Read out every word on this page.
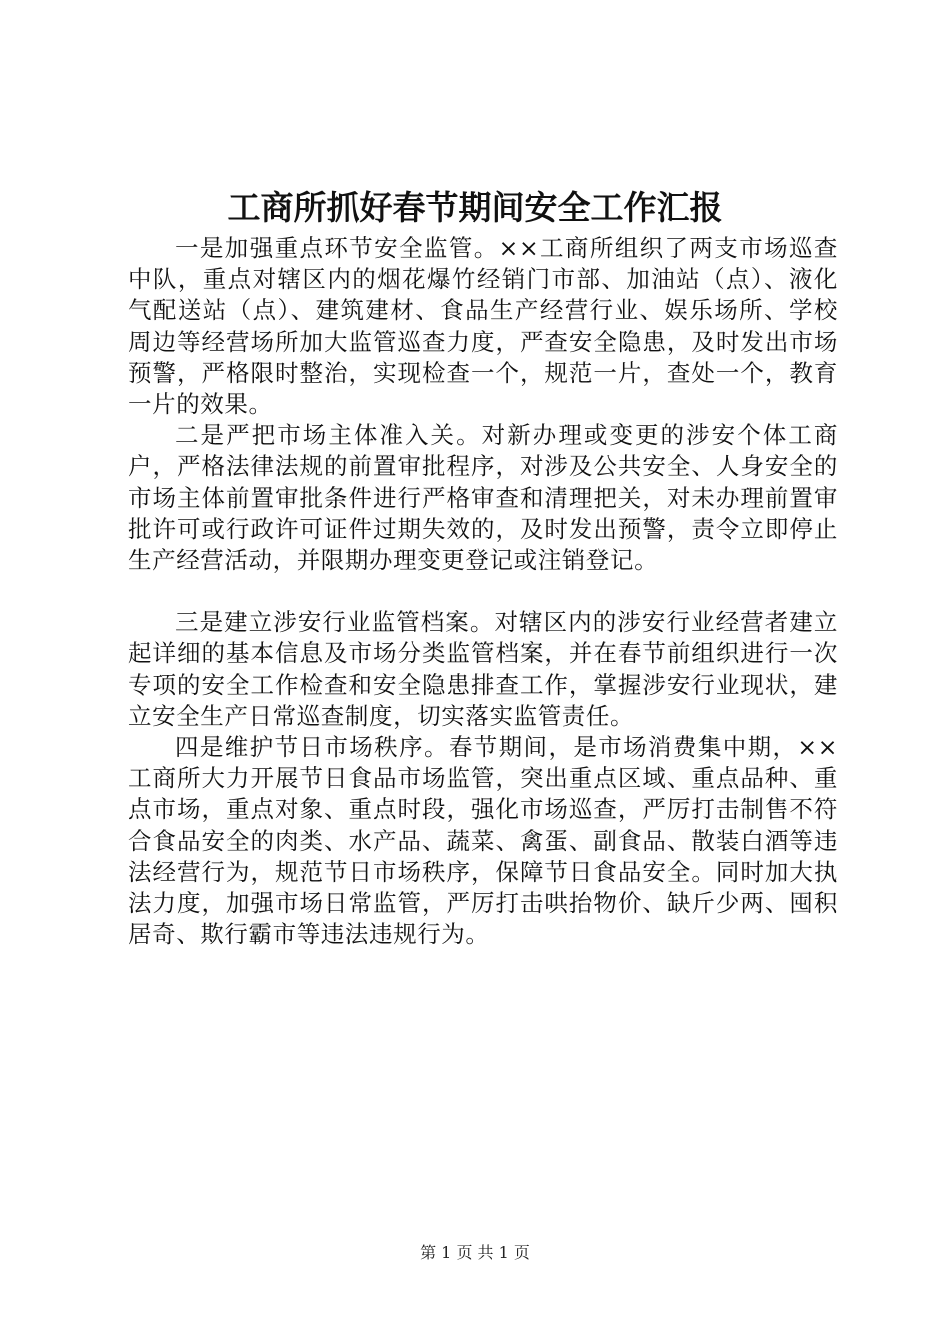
工商所抓好春节期间安全工作汇报

一是加强重点环节安全监管。××工商所组织了两支市场巡查中队，重点对辖区内的烟花爆竹经销门市部、加油站（点）、液化气配送站（点）、建筑建材、食品生产经营行业、娱乐场所、学校周边等经营场所加大监管巡查力度，严查安全隐患，及时发出市场预警，严格限时整治，实现检查一个，规范一片，查处一个，教育一片的效果。

二是严把市场主体准入关。对新办理或变更的涉安个体工商户，严格法律法规的前置审批程序，对涉及公共安全、人身安全的市场主体前置审批条件进行严格审查和清理把关，对未办理前置审批许可或行政许可证件过期失效的，及时发出预警，责令立即停止生产经营活动，并限期办理变更登记或注销登记。

三是建立涉安行业监管档案。对辖区内的涉安行业经营者建立起详细的基本信息及市场分类监管档案，并在春节前组织进行一次专项的安全工作检查和安全隐患排查工作，掌握涉安行业现状，建立安全生产日常巡查制度，切实落实监管责任。

四是维护节日市场秩序。春节期间，是市场消费集中期，××工商所大力开展节日食品市场监管，突出重点区域、重点品种、重点市场，重点对象、重点时段，强化市场巡查，严厉打击制售不符合食品安全的肉类、水产品、蔬菜、禽蛋、副食品、散装白酒等违法经营行为，规范节日市场秩序，保障节日食品安全。同时加大执法力度，加强市场日常监管，严厉打击哄抬物价、缺斤少两、囤积居奇、欺行霸市等违法违规行为。

第 1 页 共 1 页
